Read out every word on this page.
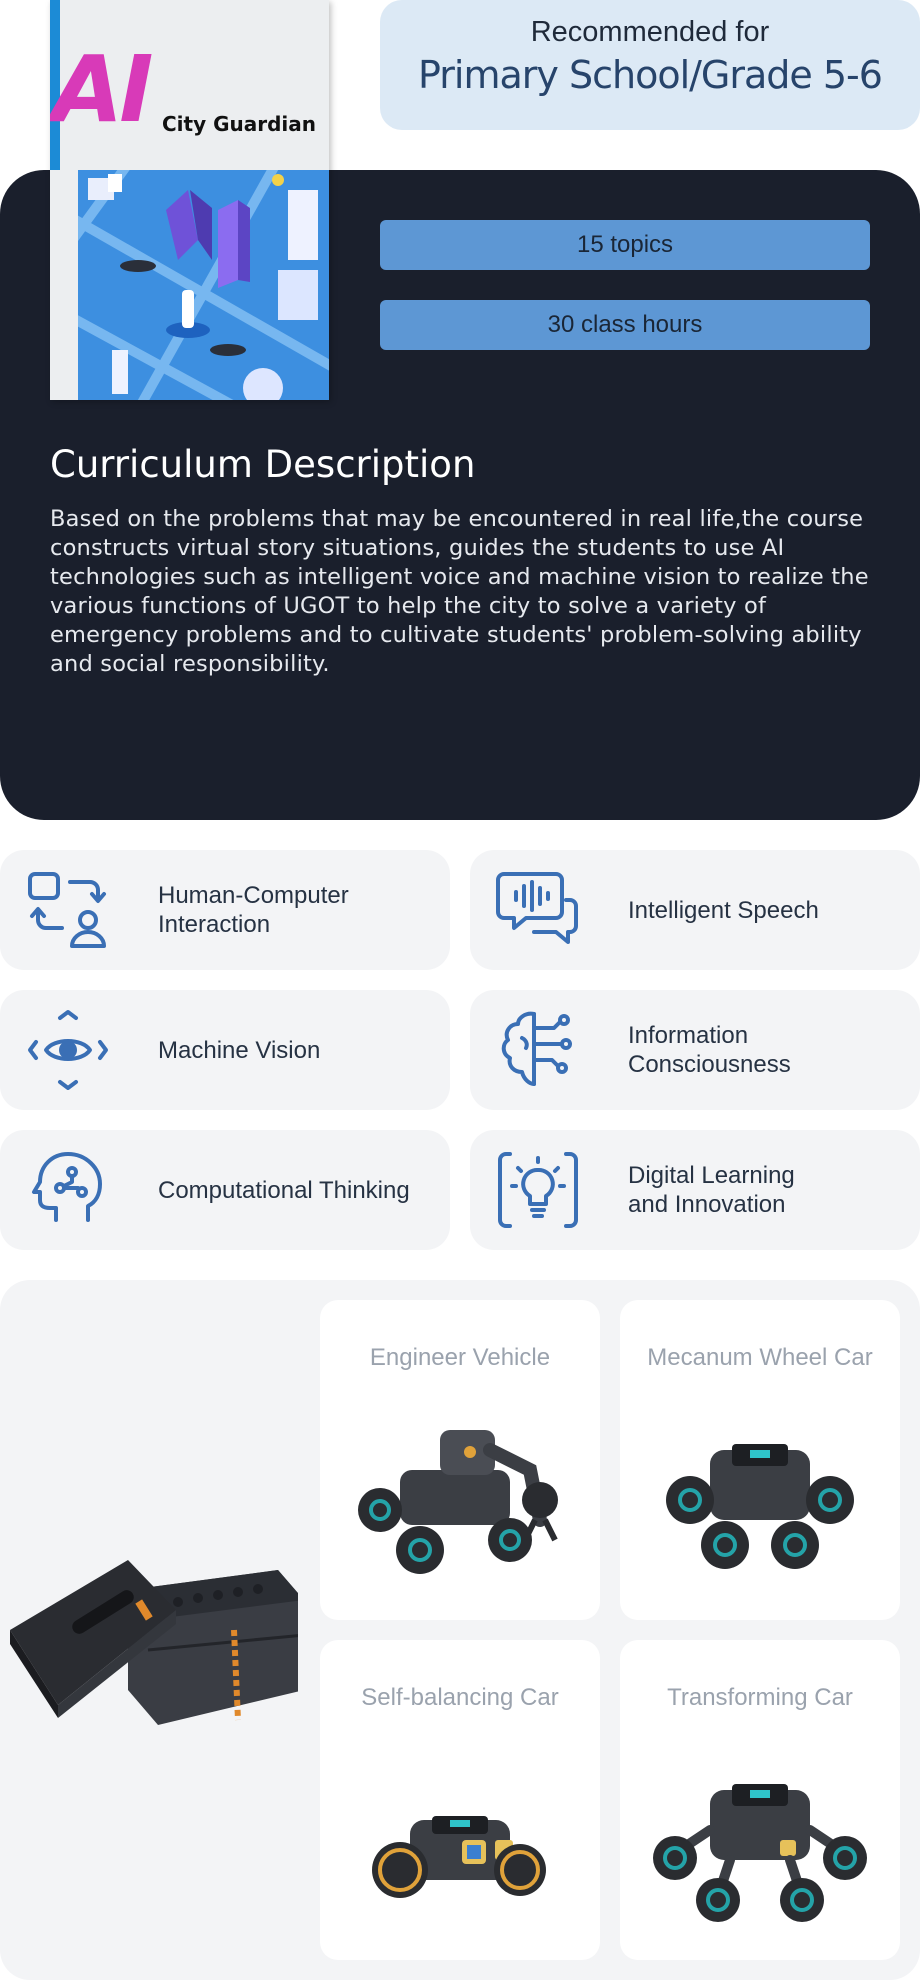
AI City Guardian
Recommended for
Primary School/Grade 5-6
15 topics
30 class hours
Curriculum Description
Based on the problems that may be encountered in real life,the course constructs virtual story situations, guides the students to use AI technologies such as intelligent voice and machine vision to realize the various functions of UGOT to help the city to solve a variety of emergency problems and to cultivate students' problem-solving ability and social responsibility.
Human-Computer
Interaction
Intelligent Speech
Machine Vision
Information
Consciousness
Computational Thinking
Digital Learning
and Innovation
Engineer Vehicle	Mecanum Wheel Car
Self-balancing Car	Transforming Car
